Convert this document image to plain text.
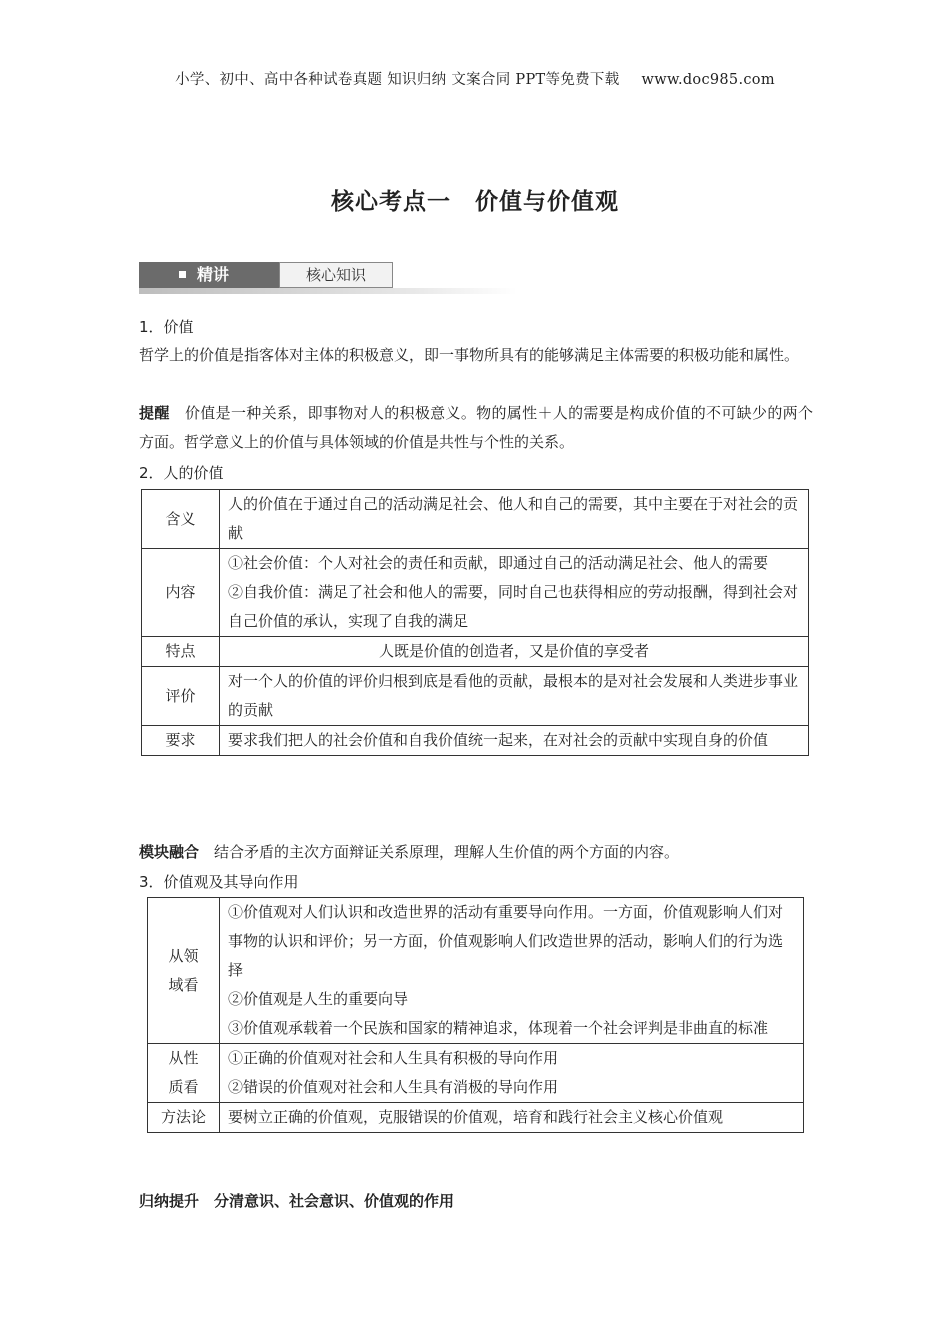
小学、初中、高中各种试卷真题 知识归纳 文案合同 PPT等免费下载 www.doc985.com
核心考点一　价值与价值观
精讲	核心知识
1．价值
哲学上的价值是指客体对主体的积极意义，即一事物所具有的能够满足主体需要的积极功能和属性。
提醒　 价值是一种关系，即事物对人的积极意义。物的属性＋人的需要是构成价值的不可缺少的两个方面。哲学意义上的价值与具体领域的价值是共性与个性的关系。
2．人的价值
含义	人的价值在于通过自己的活动满足社会、他人和自己的需要，其中主要在于对社会的贡献
内容	①社会价值：个人对社会的责任和贡献，即通过自己的活动满足社会、他人的需要
②自我价值：满足了社会和他人的需要，同时自己也获得相应的劳动报酬，得到社会对自己价值的承认，实现了自我的满足

特点	人既是价值的创造者，又是价值的享受者
评价	对一个人的价值的评价归根到底是看他的贡献，最根本的是对社会发展和人类进步事业的贡献
要求	要求我们把人的社会价值和自我价值统一起来，在对社会的贡献中实现自身的价值
模块融合　 结合矛盾的主次方面辩证关系原理，理解人生价值的两个方面的内容。
3．价值观及其导向作用
从领域看	①价值观对人们认识和改造世界的活动有重要导向作用。一方面，价值观影响人们对事物的认识和评价；另一方面，价值观影响人们改造世界的活动，影响人们的行为选择
②价值观是人生的重要向导
③价值观承载着一个民族和国家的精神追求，体现着一个社会评判是非曲直的标准

从性质看	①正确的价值观对社会和人生具有积极的导向作用
②错误的价值观对社会和人生具有消极的导向作用

方法论	要树立正确的价值观，克服错误的价值观，培育和践行社会主义核心价值观
归纳提升　 分清意识、社会意识、价值观的作用
